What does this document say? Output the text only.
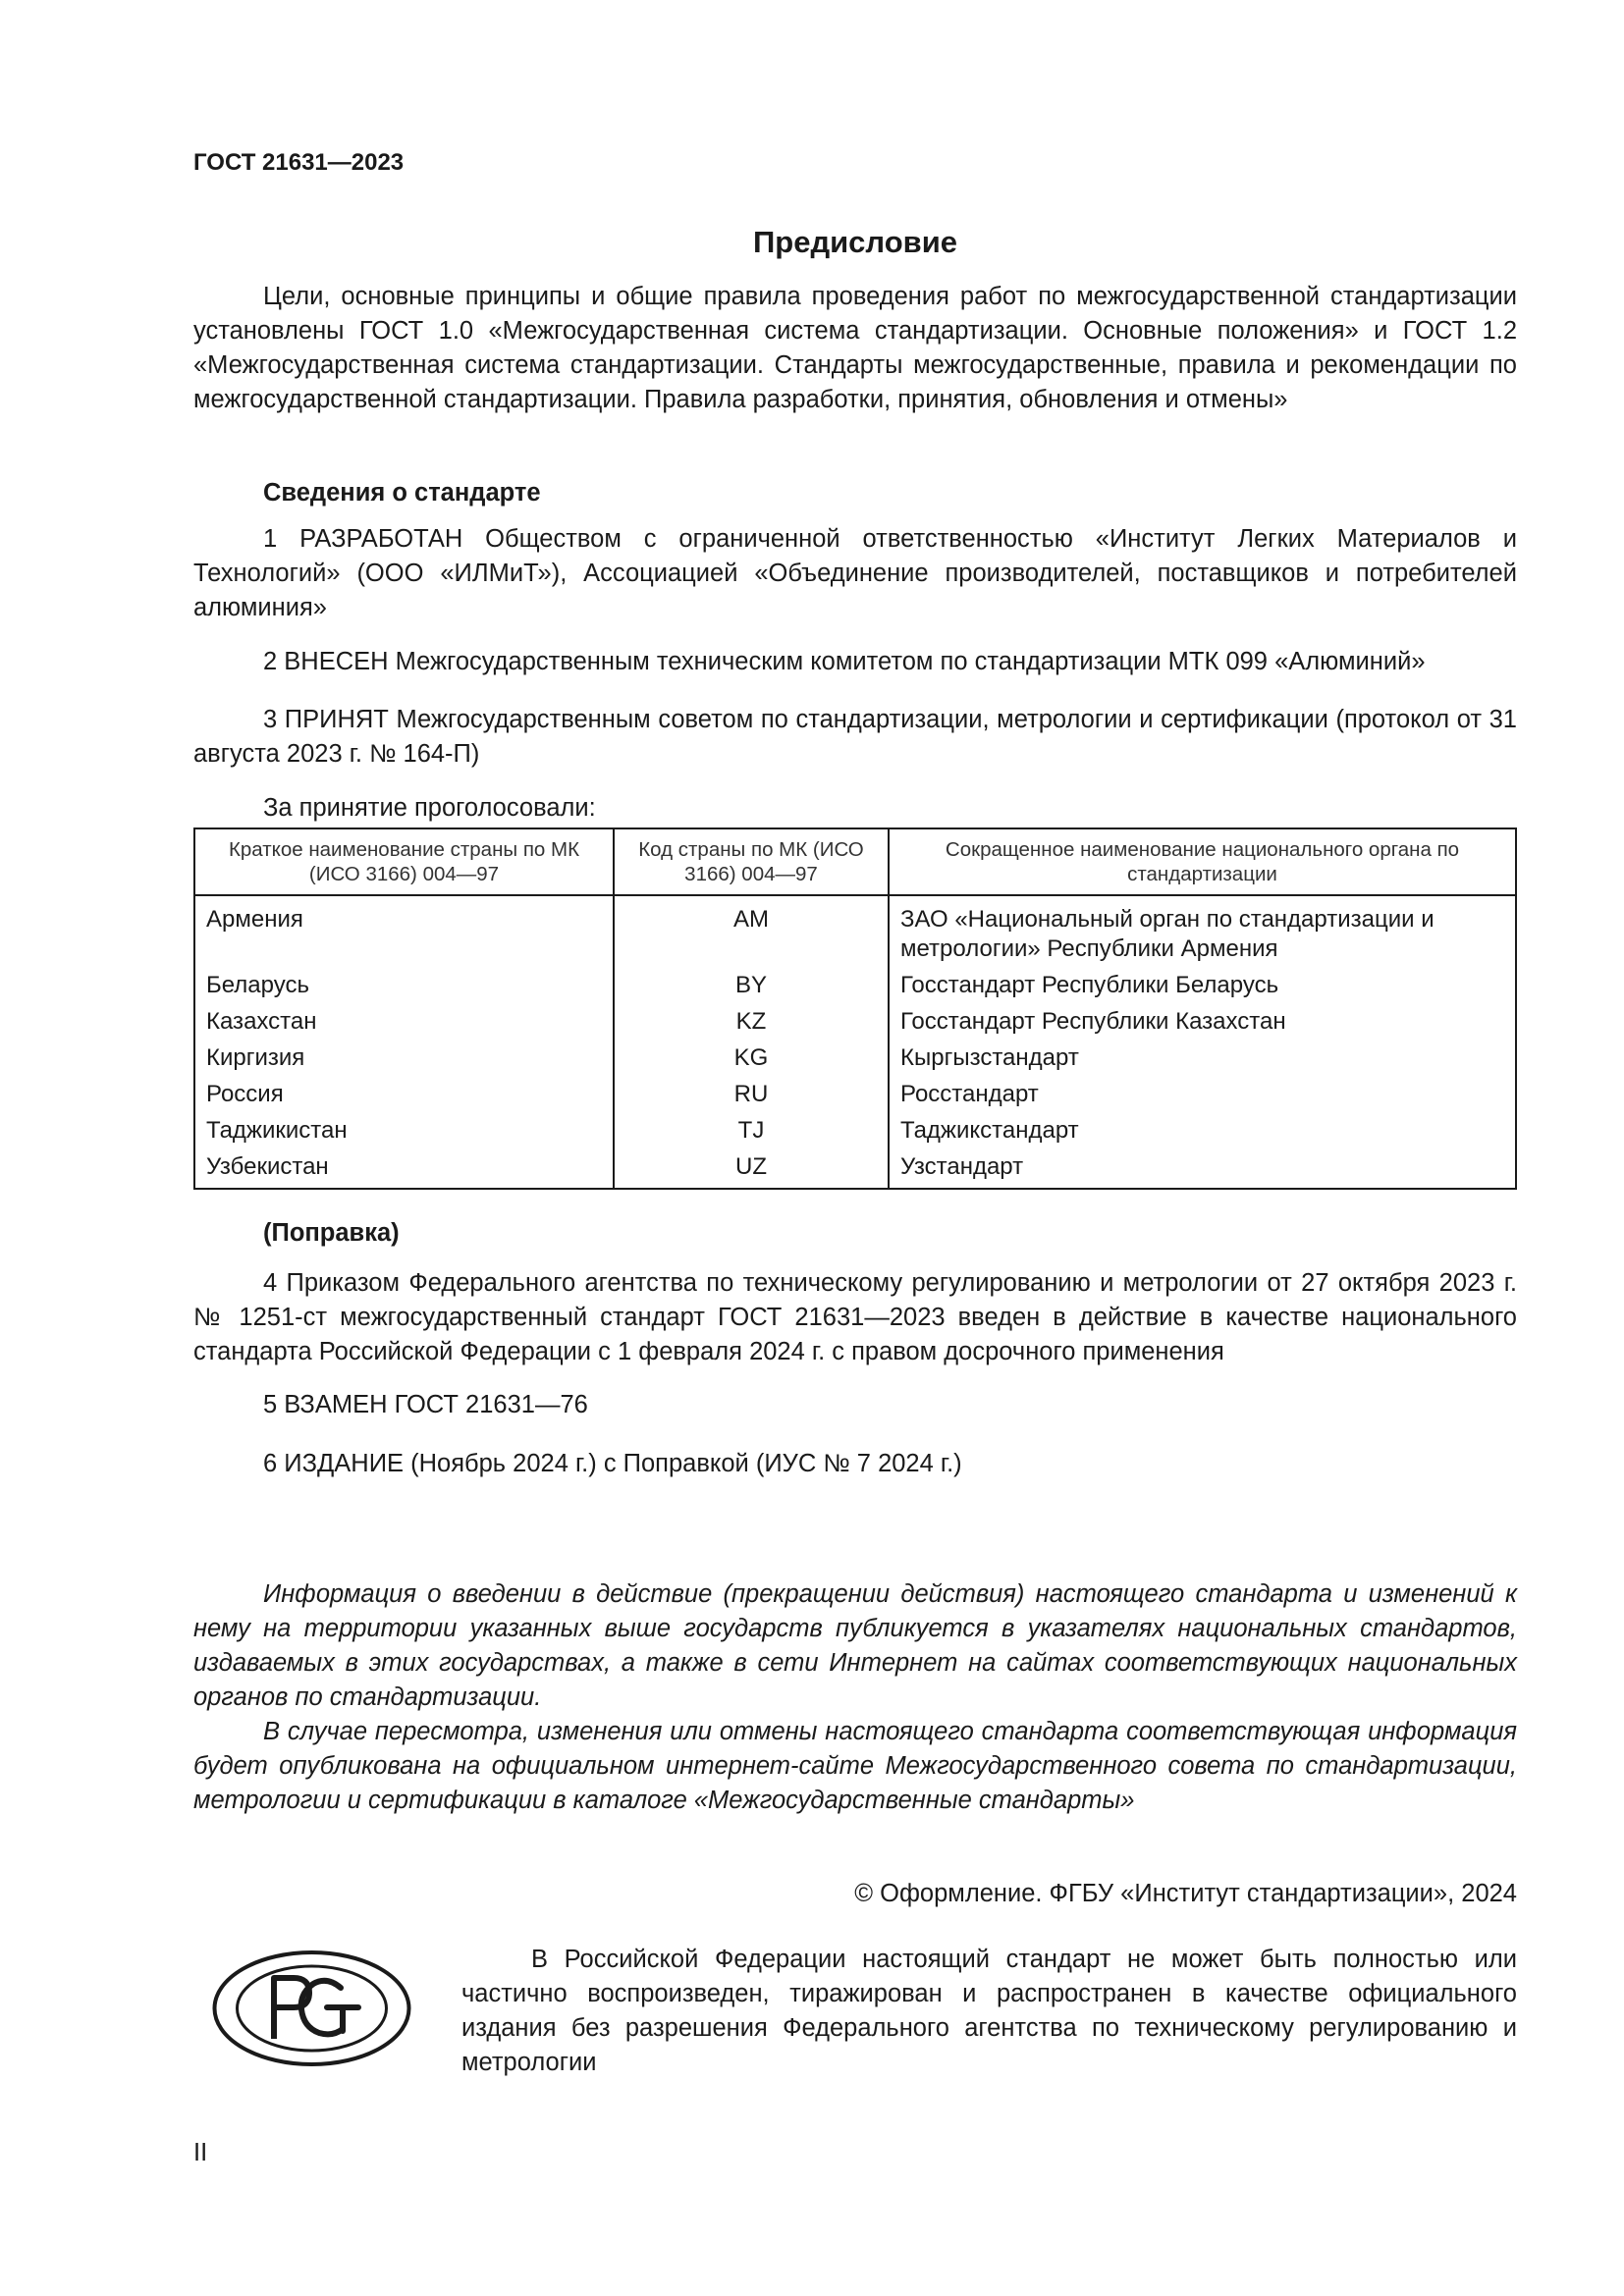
ГОСТ 21631—2023
Предисловие

Цели, основные принципы и общие правила проведения работ по межгосударственной стандартизации установлены ГОСТ 1.0 «Межгосударственная система стандартизации. Основные положения» и ГОСТ 1.2 «Межгосударственная система стандартизации. Стандарты межгосударственные, правила и рекомендации по межгосударственной стандартизации. Правила разработки, принятия, обновления и отмены»

Сведения о стандарте

1 РАЗРАБОТАН Обществом с ограниченной ответственностью «Институт Легких Материалов и Технологий» (ООО «ИЛМиТ»), Ассоциацией «Объединение производителей, поставщиков и потребителей алюминия»

2 ВНЕСЕН Межгосударственным техническим комитетом по стандартизации МТК 099 «Алюминий»

3 ПРИНЯТ Межгосударственным советом по стандартизации, метрологии и сертификации (протокол от 31 августа 2023 г. № 164-П)

За принятие проголосовали:

Краткое наименование страны по МК (ИСО 3166) 004—97	Код страны по МК (ИСО 3166) 004—97	Сокращенное наименование национального органа по стандартизации
Армения	AM	ЗАО «Национальный орган по стандартизации и метрологии» Республики Армения
Беларусь	BY	Госстандарт Республики Беларусь
Казахстан	KZ	Госстандарт Республики Казахстан
Киргизия	KG	Кыргызстандарт
Россия	RU	Росстандарт
Таджикистан	TJ	Таджикстандарт
Узбекистан	UZ	Узстандарт

(Поправка)

4 Приказом Федерального агентства по техническому регулированию и метрологии от 27 октября 2023 г. № 1251-ст межгосударственный стандарт ГОСТ 21631—2023 введен в действие в качестве национального стандарта Российской Федерации с 1 февраля 2024 г. с правом досрочного применения

5 ВЗАМЕН ГОСТ 21631—76

6 ИЗДАНИЕ (Ноябрь 2024 г.) с Поправкой (ИУС № 7 2024 г.)

Информация о введении в действие (прекращении действия) настоящего стандарта и изменений к нему на территории указанных выше государств публикуется в указателях национальных стандартов, издаваемых в этих государствах, а также в сети Интернет на сайтах соответствующих национальных органов по стандартизации.

В случае пересмотра, изменения или отмены настоящего стандарта соответствующая информация будет опубликована на официальном интернет-сайте Межгосударственного совета по стандартизации, метрологии и сертификации в каталоге «Межгосударственные стандарты»

© Оформление. ФГБУ «Институт стандартизации», 2024

В Российской Федерации настоящий стандарт не может быть полностью или частично воспроизведен, тиражирован и распространен в качестве официального издания без разрешения Федерального агентства по техническому регулированию и метрологии

II
